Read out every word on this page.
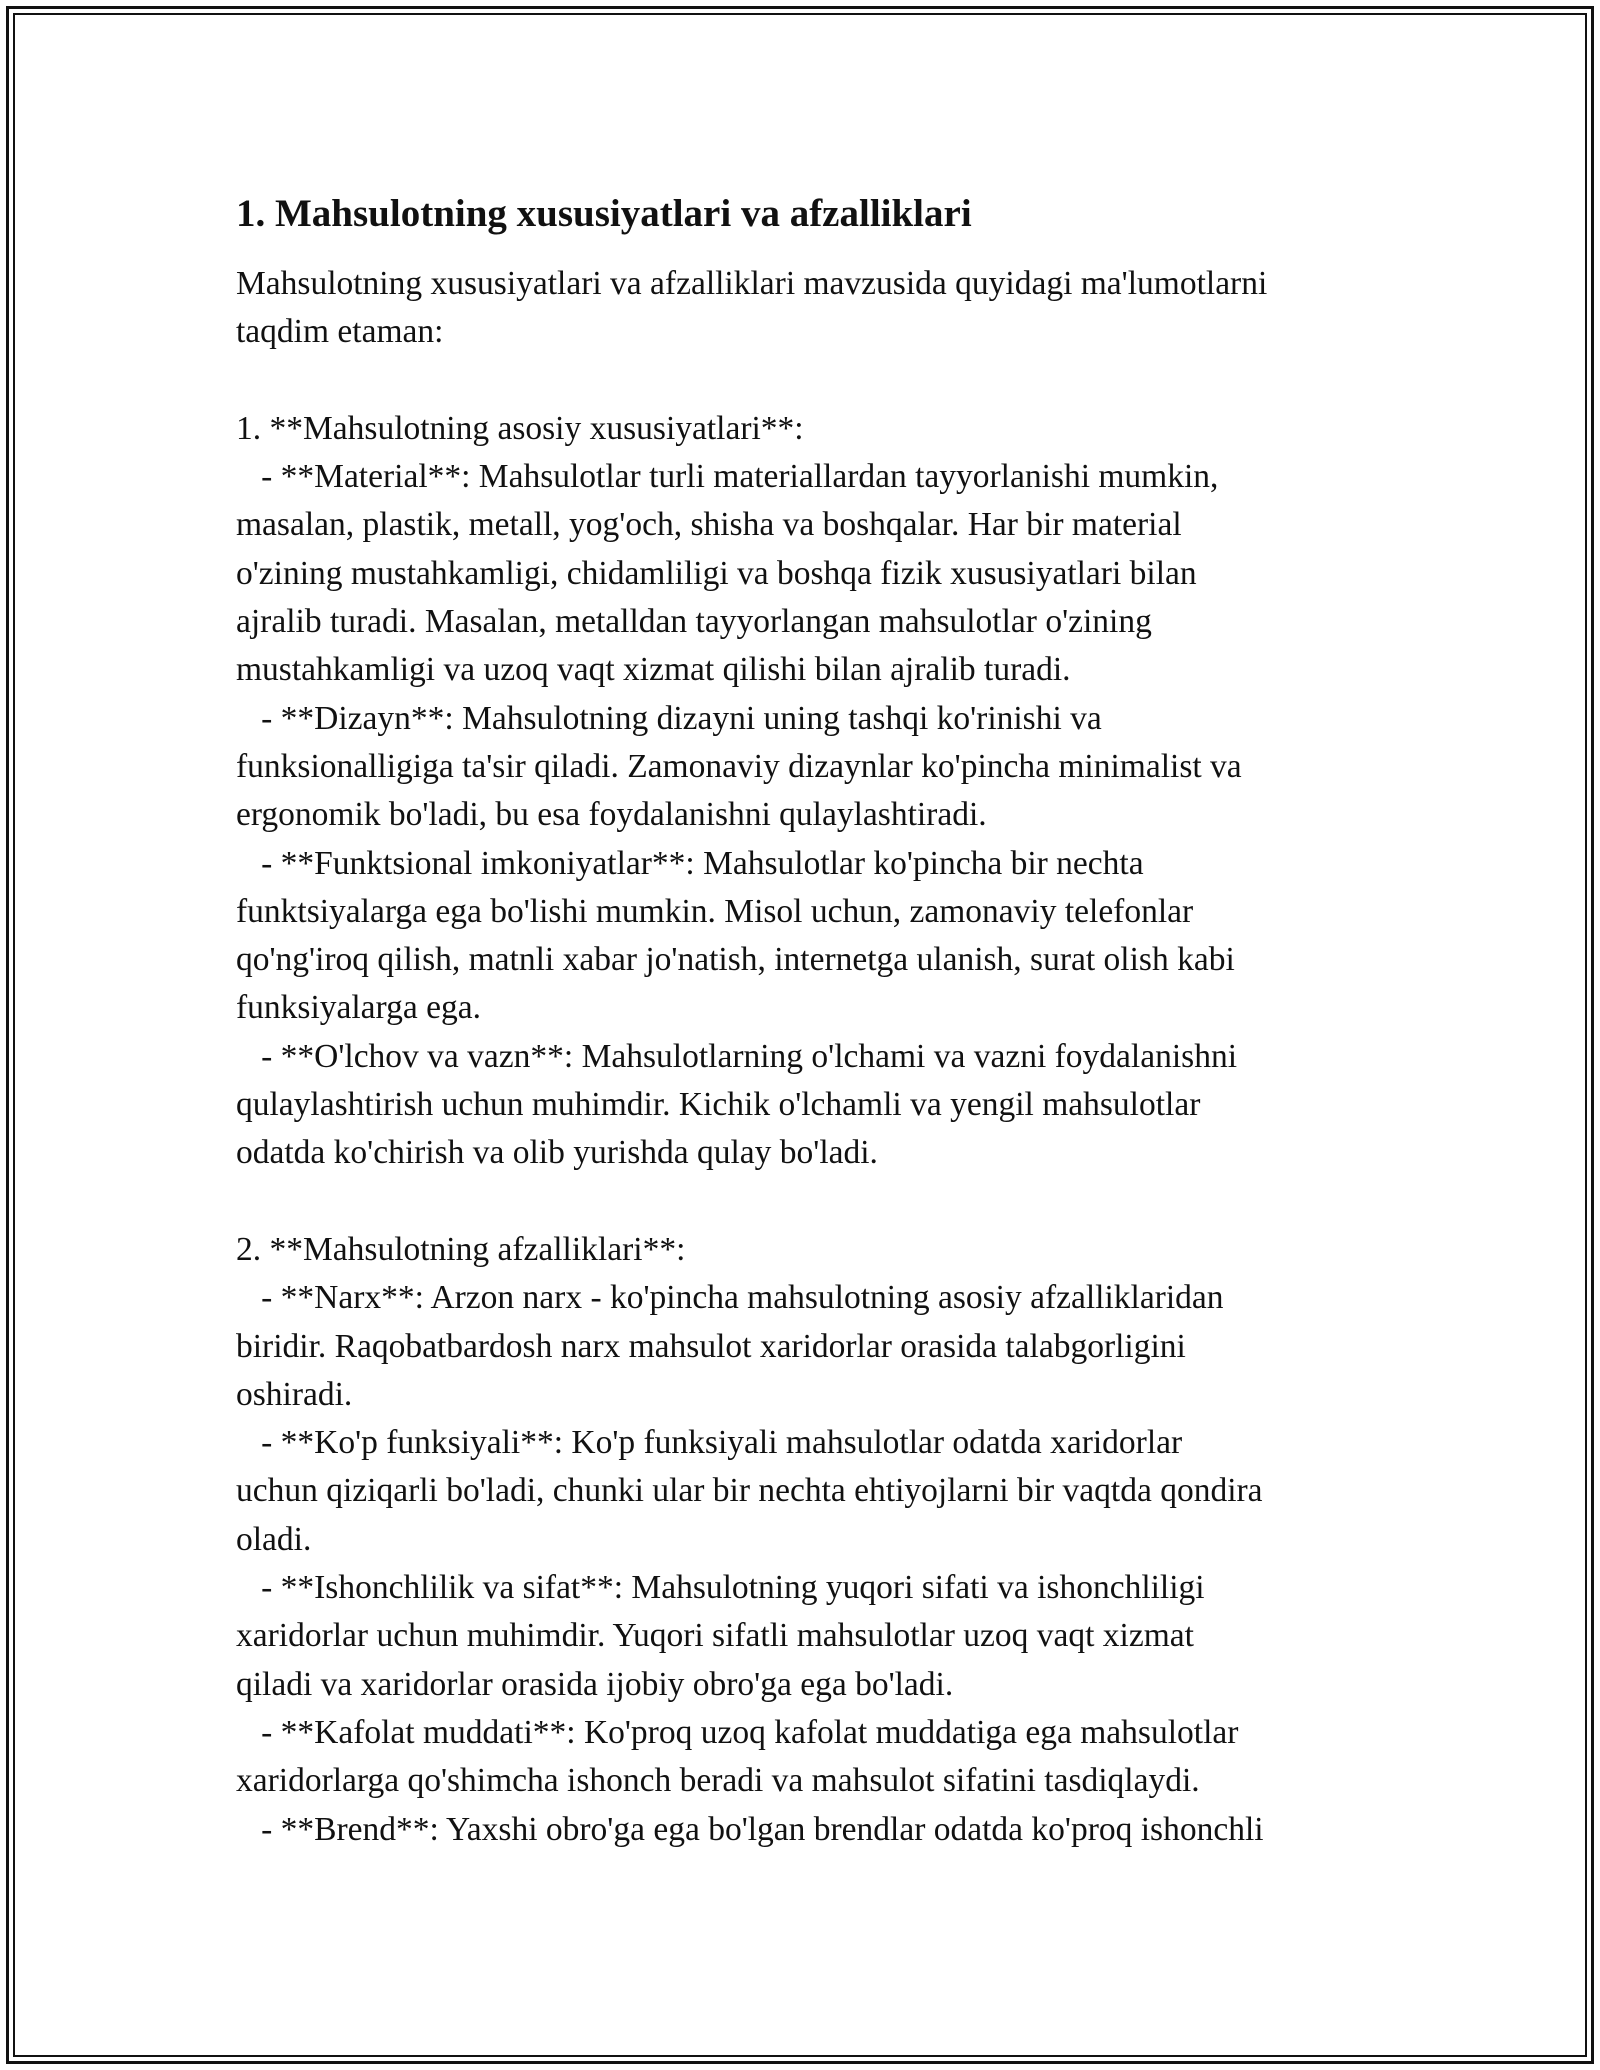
1. Mahsulotning xususiyatlari va afzalliklari
Mahsulotning xususiyatlari va afzalliklari mavzusida quyidagi ma'lumotlarni
taqdim etaman:
1. **Mahsulotning asosiy xususiyatlari**:
- **Material**: Mahsulotlar turli materiallardan tayyorlanishi mumkin,
masalan, plastik, metall, yog'och, shisha va boshqalar. Har bir material
o'zining mustahkamligi, chidamliligi va boshqa fizik xususiyatlari bilan
ajralib turadi. Masalan, metalldan tayyorlangan mahsulotlar o'zining
mustahkamligi va uzoq vaqt xizmat qilishi bilan ajralib turadi.
- **Dizayn**: Mahsulotning dizayni uning tashqi ko'rinishi va
funksionalligiga ta'sir qiladi. Zamonaviy dizaynlar ko'pincha minimalist va
ergonomik bo'ladi, bu esa foydalanishni qulaylashtiradi.
- **Funktsional imkoniyatlar**: Mahsulotlar ko'pincha bir nechta
funktsiyalarga ega bo'lishi mumkin. Misol uchun, zamonaviy telefonlar
qo'ng'iroq qilish, matnli xabar jo'natish, internetga ulanish, surat olish kabi
funksiyalarga ega.
- **O'lchov va vazn**: Mahsulotlarning o'lchami va vazni foydalanishni
qulaylashtirish uchun muhimdir. Kichik o'lchamli va yengil mahsulotlar
odatda ko'chirish va olib yurishda qulay bo'ladi.
2. **Mahsulotning afzalliklari**:
- **Narx**: Arzon narx - ko'pincha mahsulotning asosiy afzalliklaridan
biridir. Raqobatbardosh narx mahsulot xaridorlar orasida talabgorligini
oshiradi.
- **Ko'p funksiyali**: Ko'p funksiyali mahsulotlar odatda xaridorlar
uchun qiziqarli bo'ladi, chunki ular bir nechta ehtiyojlarni bir vaqtda qondira
oladi.
- **Ishonchlilik va sifat**: Mahsulotning yuqori sifati va ishonchliligi
xaridorlar uchun muhimdir. Yuqori sifatli mahsulotlar uzoq vaqt xizmat
qiladi va xaridorlar orasida ijobiy obro'ga ega bo'ladi.
- **Kafolat muddati**: Ko'proq uzoq kafolat muddatiga ega mahsulotlar
xaridorlarga qo'shimcha ishonch beradi va mahsulot sifatini tasdiqlaydi.
- **Brend**: Yaxshi obro'ga ega bo'lgan brendlar odatda ko'proq ishonchli
